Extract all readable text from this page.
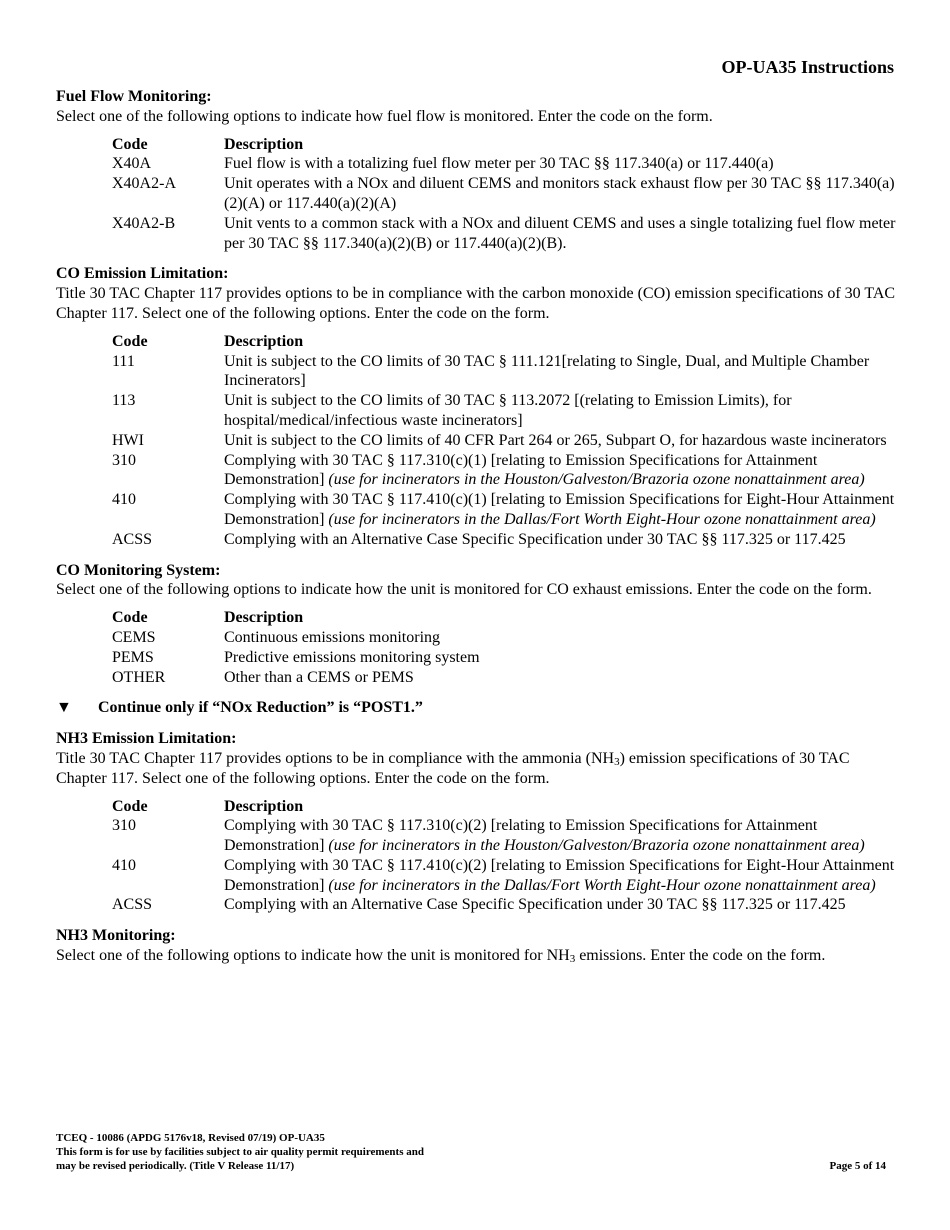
OP-UA35 Instructions

Fuel Flow Monitoring:

Select one of the following options to indicate how fuel flow is monitored. Enter the code on the form.

Code	Description
X40A	Fuel flow is with a totalizing fuel flow meter per 30 TAC §§ 117.340(a) or 117.440(a)
X40A2-A	Unit operates with a NOx and diluent CEMS and monitors stack exhaust flow per 30 TAC §§ 117.340(a)(2)(A) or 117.440(a)(2)(A)
X40A2-B	Unit vents to a common stack with a NOx and diluent CEMS and uses a single totalizing fuel flow meter per 30 TAC §§ 117.340(a)(2)(B) or 117.440(a)(2)(B).

CO Emission Limitation:

Title 30 TAC Chapter 117 provides options to be in compliance with the carbon monoxide (CO) emission specifications of 30 TAC Chapter 117. Select one of the following options. Enter the code on the form.

Code	Description
111	Unit is subject to the CO limits of 30 TAC § 111.121[relating to Single, Dual, and Multiple Chamber Incinerators]
113	Unit is subject to the CO limits of 30 TAC § 113.2072 [(relating to Emission Limits), for hospital/medical/infectious waste incinerators]
HWI	Unit is subject to the CO limits of 40 CFR Part 264 or 265, Subpart O, for hazardous waste incinerators
310	Complying with 30 TAC § 117.310(c)(1) [relating to Emission Specifications for Attainment Demonstration] (use for incinerators in the Houston/Galveston/Brazoria ozone nonattainment area)
410	Complying with 30 TAC § 117.410(c)(1) [relating to Emission Specifications for Eight-Hour Attainment Demonstration] (use for incinerators in the Dallas/Fort Worth Eight-Hour ozone nonattainment area)
ACSS	Complying with an Alternative Case Specific Specification under 30 TAC §§ 117.325 or 117.425

CO Monitoring System:

Select one of the following options to indicate how the unit is monitored for CO exhaust emissions. Enter the code on the form.

Code	Description
CEMS	Continuous emissions monitoring
PEMS	Predictive emissions monitoring system
OTHER	Other than a CEMS or PEMS
▼	Continue only if “NOx Reduction” is “POST1.”

NH3 Emission Limitation:

Title 30 TAC Chapter 117 provides options to be in compliance with the ammonia $(NH_3)$ emission specifications of 30 TAC Chapter 117. Select one of the following options. Enter the code on the form.

Code	Description
310	Complying with 30 TAC § 117.310(c)(2) [relating to Emission Specifications for Attainment Demonstration] (use for incinerators in the Houston/Galveston/Brazoria ozone nonattainment area)
410	Complying with 30 TAC § 117.410(c)(2) [relating to Emission Specifications for Eight-Hour Attainment Demonstration] (use for incinerators in the Dallas/Fort Worth Eight-Hour ozone nonattainment area)
ACSS	Complying with an Alternative Case Specific Specification under 30 TAC §§ 117.325 or 117.425

NH3 Monitoring:

Select one of the following options to indicate how the unit is monitored for $NH_3$ emissions. Enter the code on the form.

TCEQ - 10086 (APDG 5176v18, Revised 07/19) OP-UA35
This form is for use by facilities subject to air quality permit requirements and
may be revised periodically. (Title V Release 11/17)	Page 5 of 14
